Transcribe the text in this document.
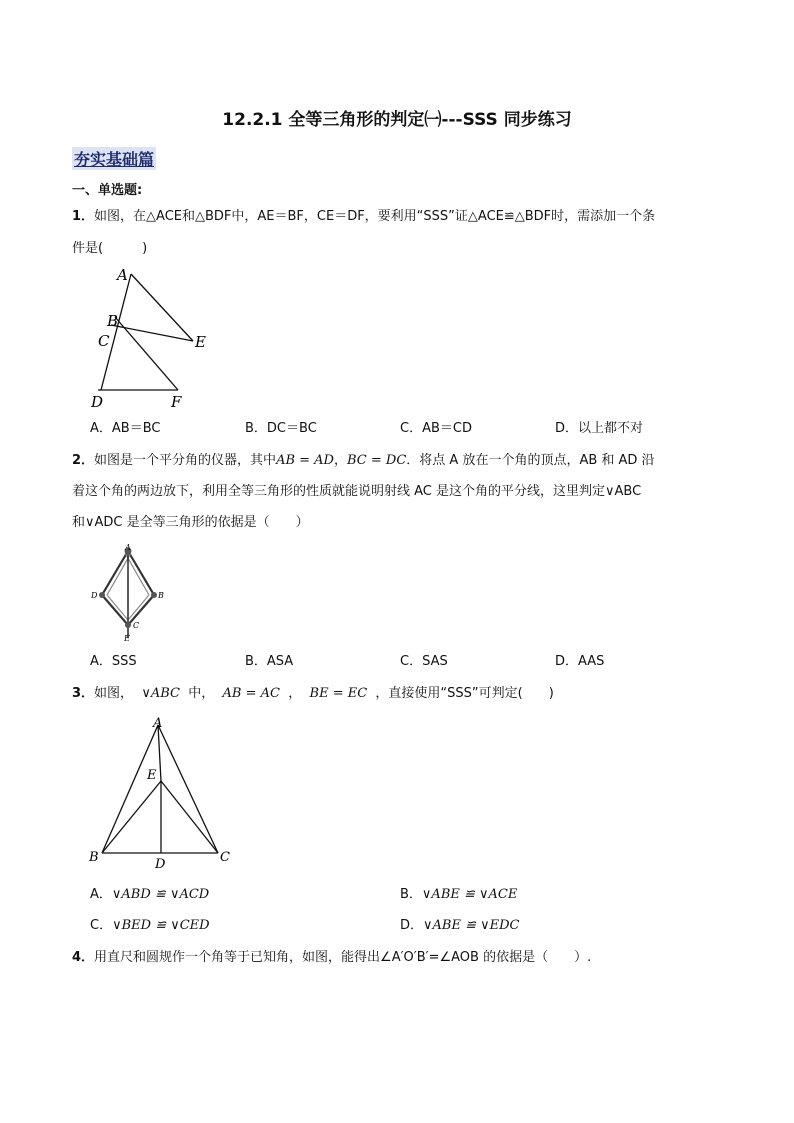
12.2.1 全等三角形的判定㈠---SSS 同步练习
夯实基础篇
一、单选题:
1．如图，在△ACE和△BDF中，AE＝BF，CE＝DF，要利用“SSS”证△ACE≌△BDF时，需添加一个条
件是(　　　)
A
B
C	E
D	F
A．AB＝BC	B．DC＝BC	C．AB＝CD	D．以上都不对
2．如图是一个平分角的仪器，其中AB = AD，BC = DC．将点 A 放在一个角的顶点，AB 和 AD 沿
着这个角的两边放下，利用全等三角形的性质就能说明射线 AC 是这个角的平分线，这里判定∨ABC
和∨ADC 是全等三角形的依据是（　　）
A
D	B
E
C
A．SSS	B．ASA	C．SAS	D．AAS
3．如图， ∨ABC 中， AB = AC ， BE = EC ，直接使用“SSS”可判定(　　)
A
E
B	D	C
A．∨ABD ≌ ∨ACD	B．∨ABE ≌ ∨ACE
C．∨BED ≌ ∨CED	D．∨ABE ≌ ∨EDC
4．用直尺和圆规作一个角等于已知角，如图，能得出∠A′O′B′=∠AOB 的依据是（　　）.
